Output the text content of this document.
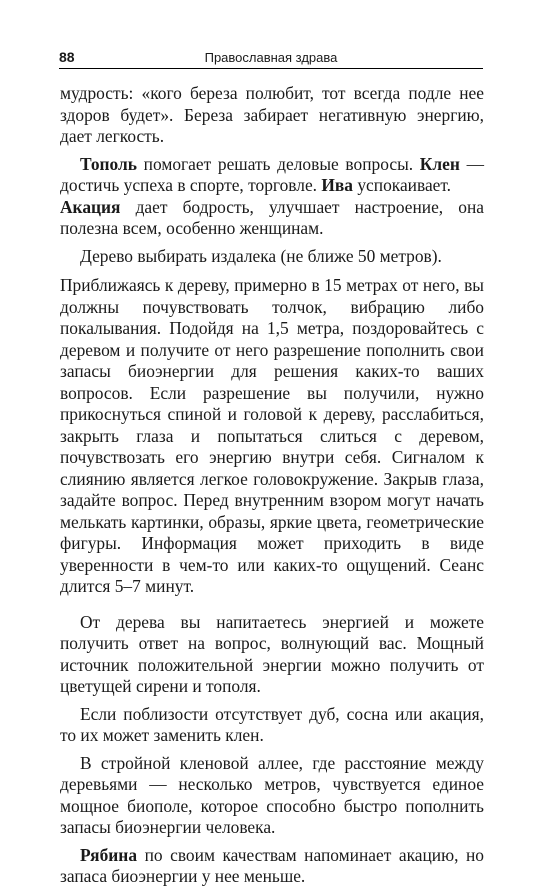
88	Православная здрава

мудрость: «кого береза полюбит, тот всегда подле нее здоров будет». Береза забирает негативную энергию, дает легкость.

Тополь помогает решать деловые вопросы. Клен — достичь успеха в спорте, торговле. Ива успокаивает.
Акация дает бодрость, улучшает настроение, она полезна всем, особенно женщинам.

Дерево выбирать издалека (не ближе 50 метров).

Приближаясь к дереву, примерно в 15 метрах от него, вы должны почувствовать толчок, вибрацию либо покалывания. Подойдя на 1,5 метра, поздоровайтесь с деревом и получите от него разрешение пополнить свои запасы биоэнергии для решения каких-то ваших вопросов. Если разрешение вы получили, нужно прикоснуться спиной и головой к дереву, расслабиться, закрыть глаза и попытаться слиться с деревом, почувствозать его энергию внутри себя. Сигналом к слиянию является легкое головокружение. Закрыв глаза, задайте вопрос. Перед внутренним взором могут начать мелькать картинки, образы, яркие цвета, геометрические фигуры. Информация может приходить в виде уверенности в чем-то или каких-то ощущений. Сеанс длится 5–7 минут.

От дерева вы напитаетесь энергией и можете получить ответ на вопрос, волнующий вас. Мощный источник положительной энергии можно получить от цветущей сирени и тополя.

Если поблизости отсутствует дуб, сосна или акация, то их может заменить клен.

В стройной кленовой аллее, где расстояние между деревьями — несколько метров, чувствуется единое мощное биополе, которое способно быстро пополнить запасы биоэнергии человека.

Рябина по своим качествам напоминает акацию, но запаса биоэнергии у нее меньше.
